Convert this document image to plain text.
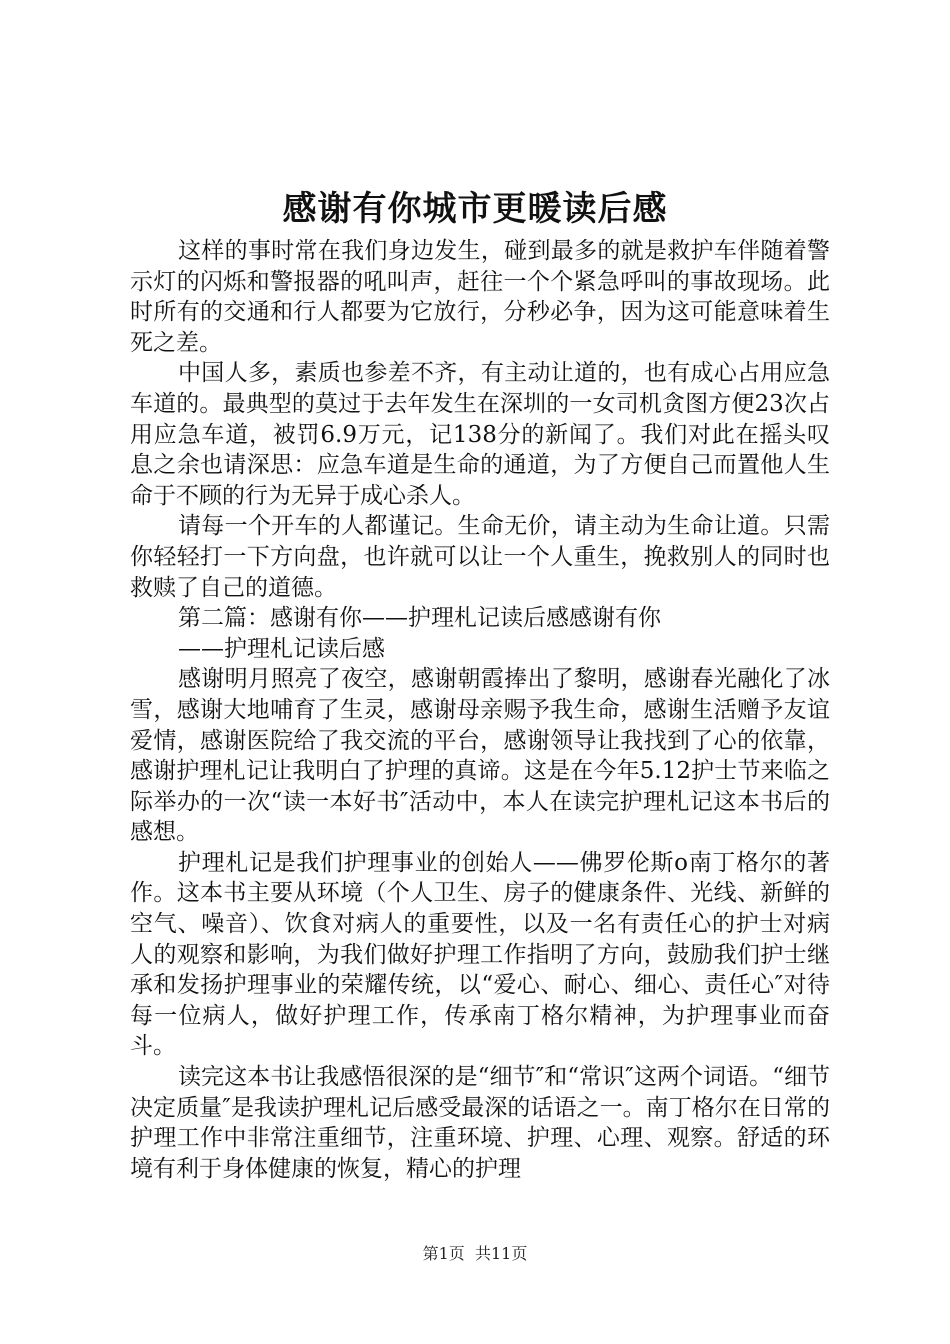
感谢有你城市更暖读后感

这样的事时常在我们身边发生，碰到最多的就是救护车伴随着警示灯的闪烁和警报器的吼叫声，赶往一个个紧急呼叫的事故现场。此时所有的交通和行人都要为它放行，分秒必争，因为这可能意味着生死之差。

中国人多，素质也参差不齐，有主动让道的，也有成心占用应急车道的。最典型的莫过于去年发生在深圳的一女司机贪图方便23次占用应急车道，被罚6.9万元，记138分的新闻了。我们对此在摇头叹息之余也请深思：应急车道是生命的通道，为了方便自己而置他人生命于不顾的行为无异于成心杀人。

请每一个开车的人都谨记。生命无价，请主动为生命让道。只需你轻轻打一下方向盘，也许就可以让一个人重生，挽救别人的同时也救赎了自己的道德。

第二篇：感谢有你——护理札记读后感感谢有你

——护理札记读后感

感谢明月照亮了夜空，感谢朝霞捧出了黎明，感谢春光融化了冰雪，感谢大地哺育了生灵，感谢母亲赐予我生命，感谢生活赠予友谊爱情，感谢医院给了我交流的平台，感谢领导让我找到了心的依靠，感谢护理札记让我明白了护理的真谛。这是在今年5.12护士节来临之际举办的一次“读一本好书″活动中，本人在读完护理札记这本书后的感想。

护理札记是我们护理事业的创始人——佛罗伦斯o南丁格尔的著作。这本书主要从环境（个人卫生、房子的健康条件、光线、新鲜的空气、噪音）、饮食对病人的重要性，以及一名有责任心的护士对病人的观察和影响，为我们做好护理工作指明了方向，鼓励我们护士继承和发扬护理事业的荣耀传统，以“爱心、耐心、细心、责任心″对待每一位病人，做好护理工作，传承南丁格尔精神，为护理事业而奋斗。

读完这本书让我感悟很深的是“细节″和“常识″这两个词语。“细节决定质量″是我读护理札记后感受最深的话语之一。南丁格尔在日常的护理工作中非常注重细节，注重环境、护理、心理、观察。舒适的环境有利于身体健康的恢复，精心的护理

第1页 共11页
